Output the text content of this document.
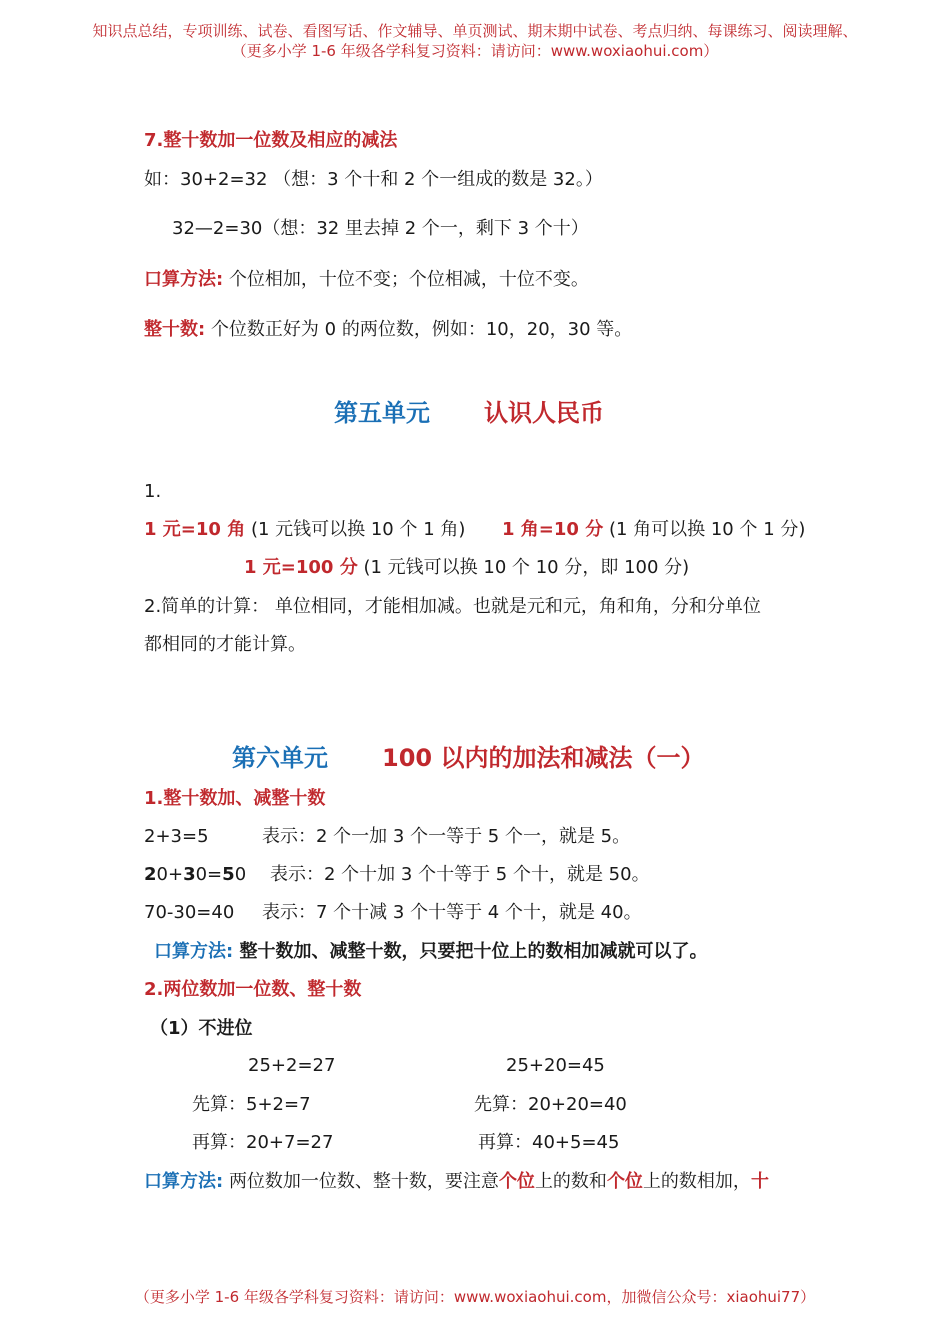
知识点总结，专项训练、试卷、看图写话、作文辅导、单页测试、期末期中试卷、考点归纳、每课练习、阅读理解、
（更多小学 1-6 年级各学科复习资料：请访问：www.woxiaohui.com）
7.整十数加一位数及相应的减法
如：30+2=32 （想：3 个十和 2 个一组成的数是 32。）
32—2=30（想：32 里去掉 2 个一，剩下 3 个十）
口算方法: 个位相加，十位不变；个位相减，十位不变。
整十数: 个位数正好为 0 的两位数，例如：10，20，30 等。
第五单元 认识人民币
1.
1 元=10 角 (1 元钱可以换 10 个 1 角) 1 角=10 分 (1 角可以换 10 个 1 分)
1 元=100 分 (1 元钱可以换 10 个 10 分，即 100 分)
2.简单的计算： 单位相同，才能相加减。也就是元和元，角和角，分和分单位
都相同的才能计算。
第六单元 100 以内的加法和减法（一）
1.整十数加、减整十数
2+3=5	表示：2 个一加 3 个一等于 5 个一，就是 5。
20+30=50 表示：2 个十加 3 个十等于 5 个十，就是 50。
70-30=40 表示：7 个十减 3 个十等于 4 个十，就是 40。
口算方法: 整十数加、减整十数，只要把十位上的数相加减就可以了。
2.两位数加一位数、整十数
（1）不进位
25+2=27	25+20=45
先算：5+2=7	先算：20+20=40
再算：20+7=27	再算：40+5=45
口算方法: 两位数加一位数、整十数，要注意个位上的数和个位上的数相加，十
（更多小学 1-6 年级各学科复习资料：请访问：www.woxiaohui.com，加微信公众号：xiaohui77）
